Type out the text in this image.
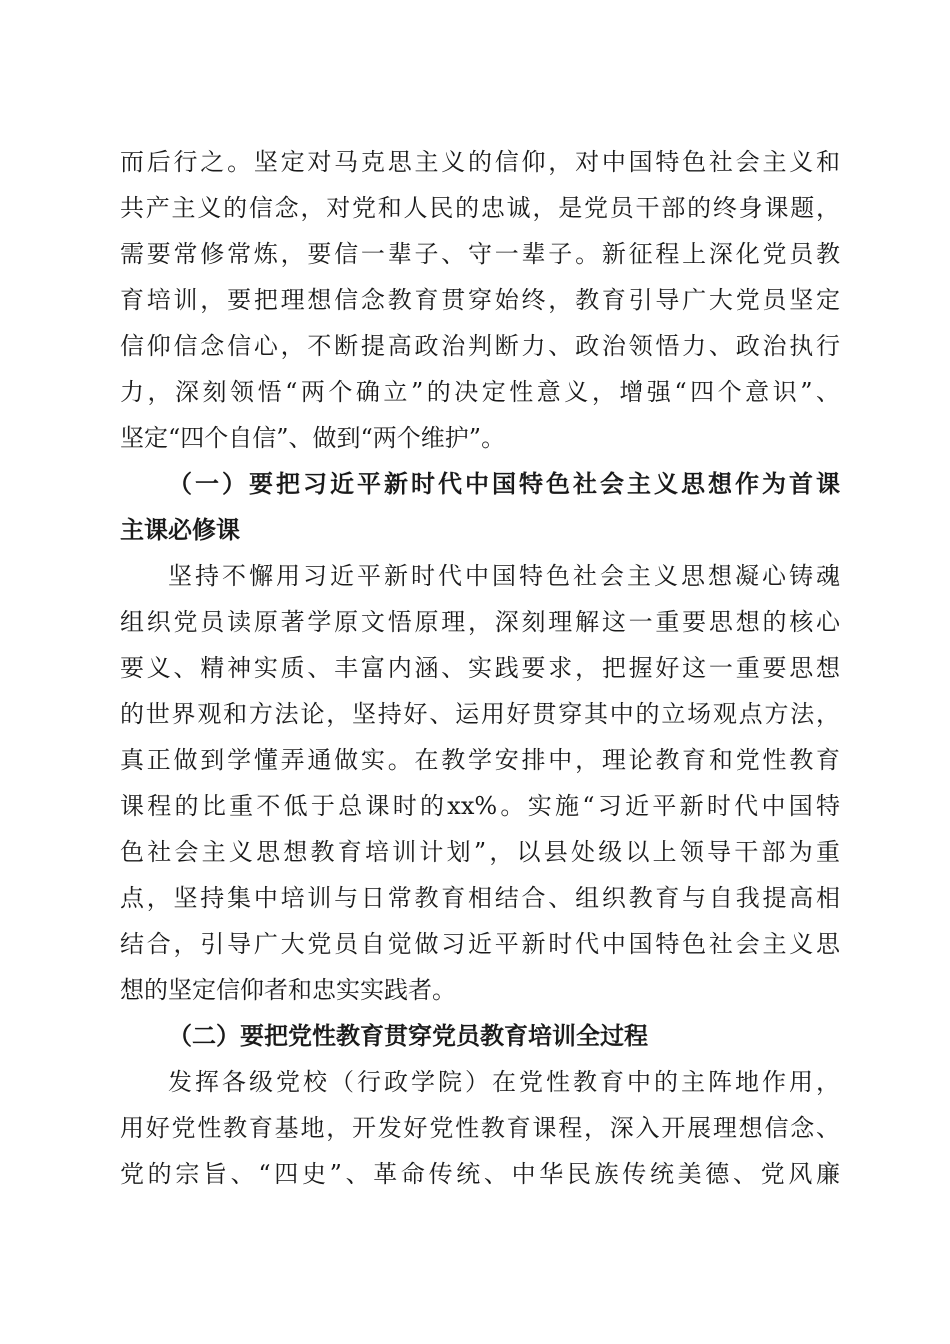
而后行之。坚定对马克思主义的信仰，对中国特色社会主义和
共产主义的信念，对党和人民的忠诚，是党员干部的终身课题，
需要常修常炼，要信一辈子、守一辈子。新征程上深化党员教
育培训，要把理想信念教育贯穿始终，教育引导广大党员坚定
信仰信念信心，不断提高政治判断力、政治领悟力、政治执行
力，深刻领悟“两个确立”的决定性意义，增强“四个意识”、
坚定“四个自信”、做到“两个维护”。
（一）要把习近平新时代中国特色社会主义思想作为首课
主课必修课
坚持不懈用习近平新时代中国特色社会主义思想凝心铸魂
组织党员读原著学原文悟原理，深刻理解这一重要思想的核心
要义、精神实质、丰富内涵、实践要求，把握好这一重要思想
的世界观和方法论，坚持好、运用好贯穿其中的立场观点方法，
真正做到学懂弄通做实。在教学安排中，理论教育和党性教育
课程的比重不低于总课时的xx%。实施“习近平新时代中国特
色社会主义思想教育培训计划”，以县处级以上领导干部为重
点，坚持集中培训与日常教育相结合、组织教育与自我提高相
结合，引导广大党员自觉做习近平新时代中国特色社会主义思
想的坚定信仰者和忠实实践者。
（二）要把党性教育贯穿党员教育培训全过程
发挥各级党校（行政学院）在党性教育中的主阵地作用，
用好党性教育基地，开发好党性教育课程，深入开展理想信念、
党的宗旨、“四史”、革命传统、中华民族传统美德、党风廉
